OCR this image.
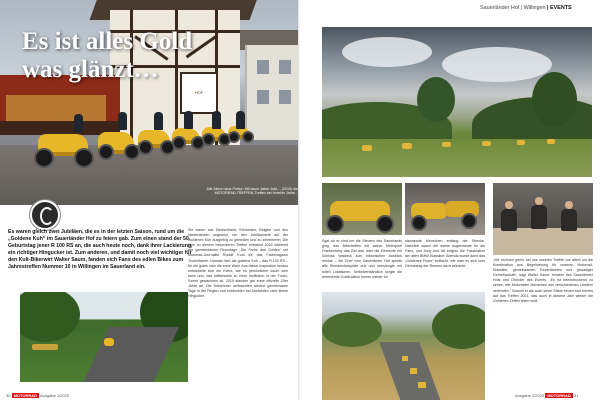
HOF
Es ist alles Gold
was glänzt…
Alle Jahre neue Preise: Mit kaum Jahre Jubi..., (2019) die MOTORRAD-TREFFEN-Treffen-bei Hotelier Jahre...
Es waren gleich zwei Jubiläen, die es in der letzten Saison, rund um die „Goldene Kuh“ im Sauerländer Hof zu feiern gab. Zum einen stand der 50. Geburtstag jener R 100 RS an, die auch heute noch, dank ihrer Lackierung, ein richtiger Hingucker ist. Zum anderen, und damit noch viel wichtiger für den Kult-Bikerwirt Walter Saum, fanden sich Fans des edlen Bikes zum Jahrestreffen Nummer 10 in Willingen im Sauerland ein.
Sie waren aus Deutschland, Schweden, Belgien und den Niederlanden angereist, um den Jubiläumsritt auf der Goldenen Kuh ausgiebig zu genießen und zu zelebrieren. Die Idee zu diesem besonderen Treffen entstand 2015 während der gemeinsamen Reportage „Die Farbe des Goldes“ mit Motorrad-Journalist Rudolf Kuhl für das Fachmagazin Tourenfahrer. Damals hieß die goldene Kuh – das R 100 RS – für ein gutes Jahr die erste Wahl. Aus dieser Inspiration heraus entwickelte sich ein Event, wie es persönlicher kaum sein kann und, das mittlerweile zu einer Institution in der Tuner-Szene gewachsen ist. 2019 standen gar erste offizielle 20er Jahre an. Die Teilnehmer verbrachten schöne gemeinsame Tage in der Region und entdeckten bei Ausfahrten viele kleine Hingucker.
30 MOTORRAD Ausgabe 2/2020
Sauerländer Hof | Willingen | EVENTS
Egal ob er sind um die Steuern des Sauerlands ging, das Bikertreffen mit seiner Metropole Frankenberg das Ziel war, oder die Elemente mit Schloss Waldeck zum historischen Ausblick reichte – die Chef vom Sauerländer Hof spielte alle Streckenbeispiele aus und überzeugte mit tollen Lokationen. Selbstverständlich sorgte die anreisende Goldfraktion immer wieder für
staunende Menschen entlang der Strecke. Natürlich waren die wahre Augenweide für die Fans, und Jung und Alt zeigten die Faszination der alten BMW-Klassiker. Abends wurde dann das „Goldenes Feuer“ entfacht, wie man es sich vom Genusstag der Rennen auch wünscht.
„Wir rechnen gerne bei uns unseren Treffen vor allem um die Kombination aus Begeisterung für unseren Motorrad-Klassiker, gemeinsamen Tourenfahrten und gewaltiger Gemeinschaft“, sagt Walter Saum. Inhaber des Sauerländer Hofs und Gründer des Events. „Es ist beeindruckend zu sehen, wie Motorräder Menschen aus verschiedenen Ländern verbinden.“ Sowohl er als auch seine Gäste freuen sich bereits auf das Treffen 2021, das auch in diesem Jahr wieder die Goldenen Zeiten feiern wird.
Ausgabe 2/2020 MOTORRAD 31
